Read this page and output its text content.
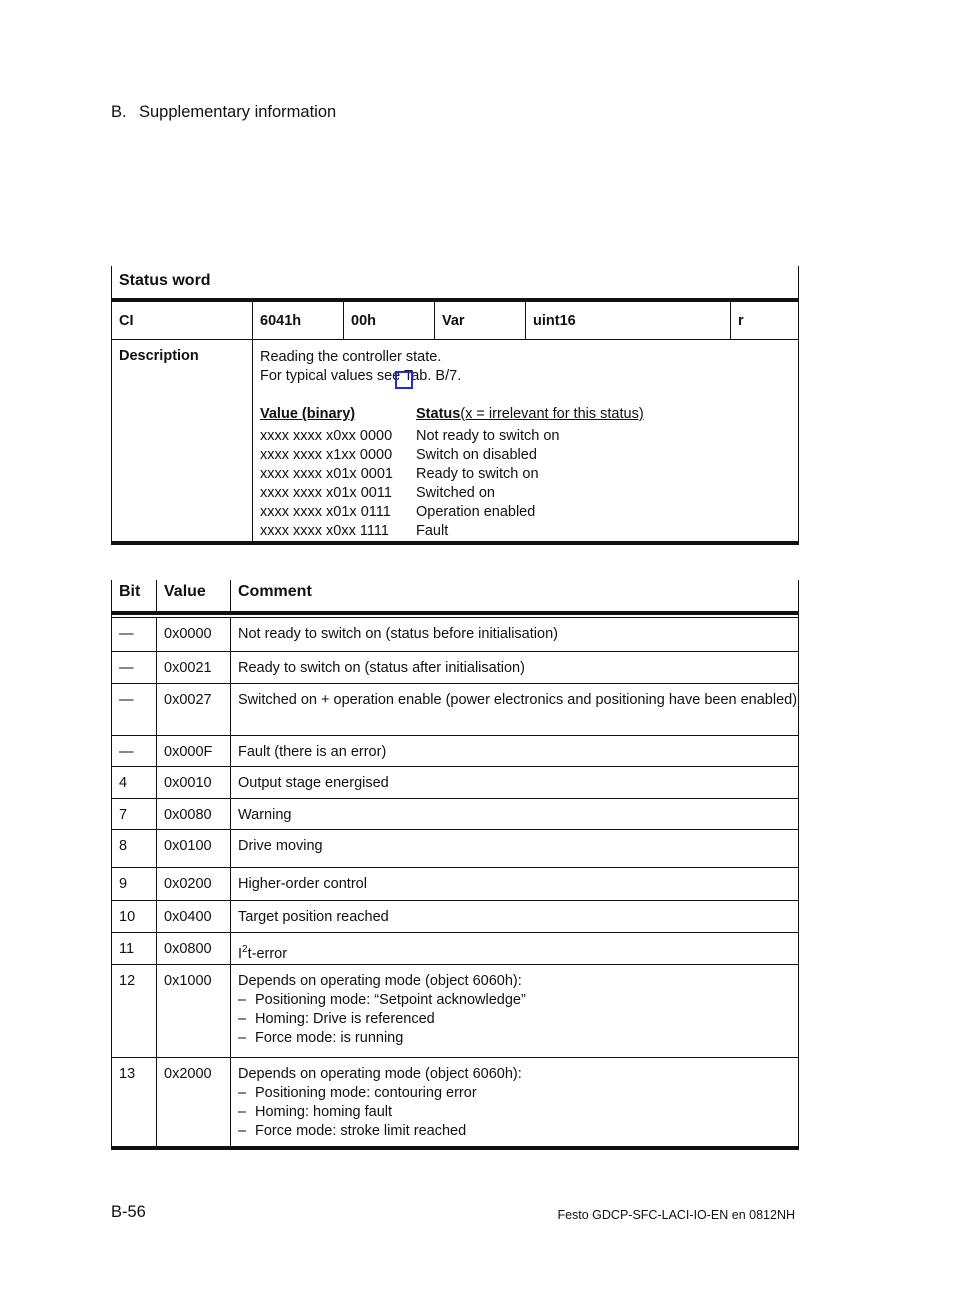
B. Supplementary information
Status word
CI	6041h	00h	Var	uint16	r
Description	Reading the controller state.
For typical values see Tab. B/7.
Value (binary)	Status(x = irrelevant for this status)
xxxx xxxx x0xx 0000	Not ready to switch on
xxxx xxxx x1xx 0000	Switch on disabled
xxxx xxxx x01x 0001	Ready to switch on
xxxx xxxx x01x 0011	Switched on
xxxx xxxx x01x 0111	Operation enabled
xxxx xxxx x0xx 1111	Fault
Bit	Value	Comment
—	0x0000	Not ready to switch on (status before initialisation)
—	0x0021	Ready to switch on (status after initialisation)
—	0x0027	Switched on + operation enable (power electronics and positioning have been enabled)
—	0x000F	Fault (there is an error)
4	0x0010	Output stage energised
7	0x0080	Warning
8	0x0100	Drive moving
9	0x0200	Higher-order control
10	0x0400	Target position reached
11	0x0800	$I^2t$-error
12	0x1000	Depends on operating mode (object 6060h):
– Positioning mode: “Setpoint acknowledge”
– Homing: Drive is referenced
– Force mode: is running
13	0x2000	Depends on operating mode (object 6060h):
– Positioning mode: contouring error
– Homing: homing fault
– Force mode: stroke limit reached
B-56	Festo GDCP-SFC-LACI-IO-EN en 0812NH
